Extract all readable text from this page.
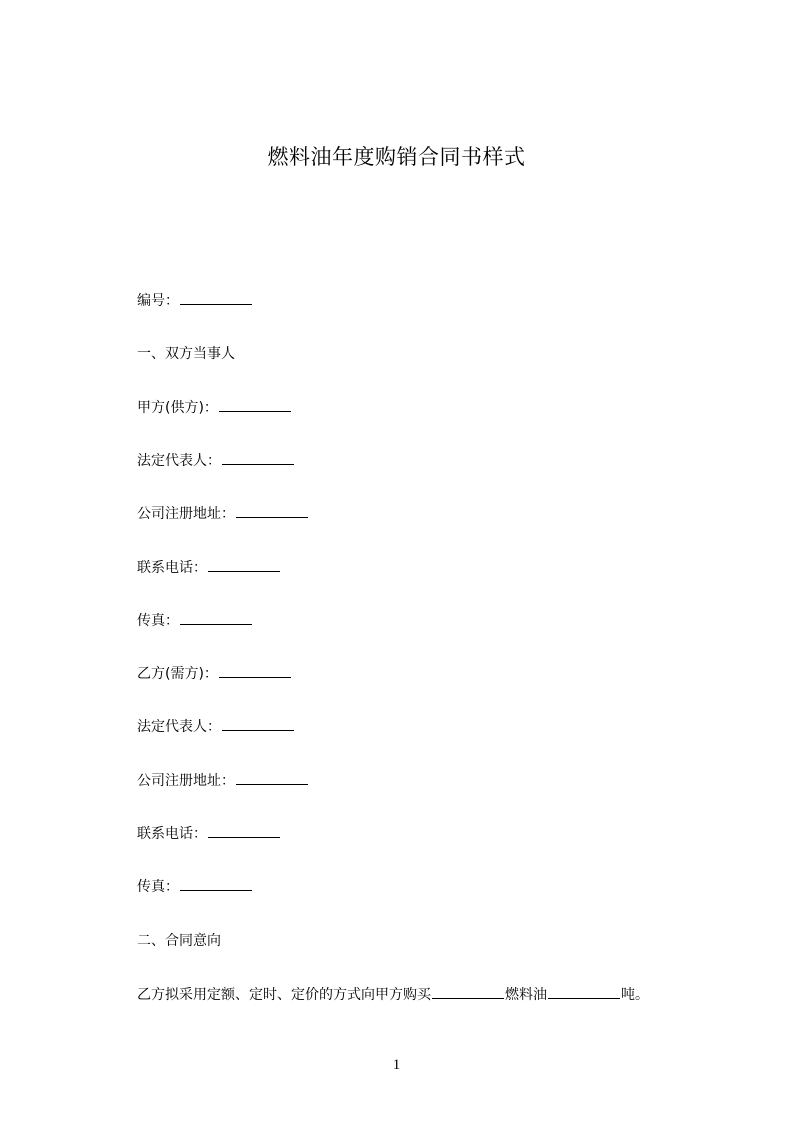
燃料油年度购销合同书样式
编号：
一、双方当事人
甲方(供方)：
法定代表人：
公司注册地址：
联系电话：
传真：
乙方(需方)：
法定代表人：
公司注册地址：
联系电话：
传真：
二、合同意向
乙方拟采用定额、定时、定价的方式向甲方购买	燃料油	吨。
1
